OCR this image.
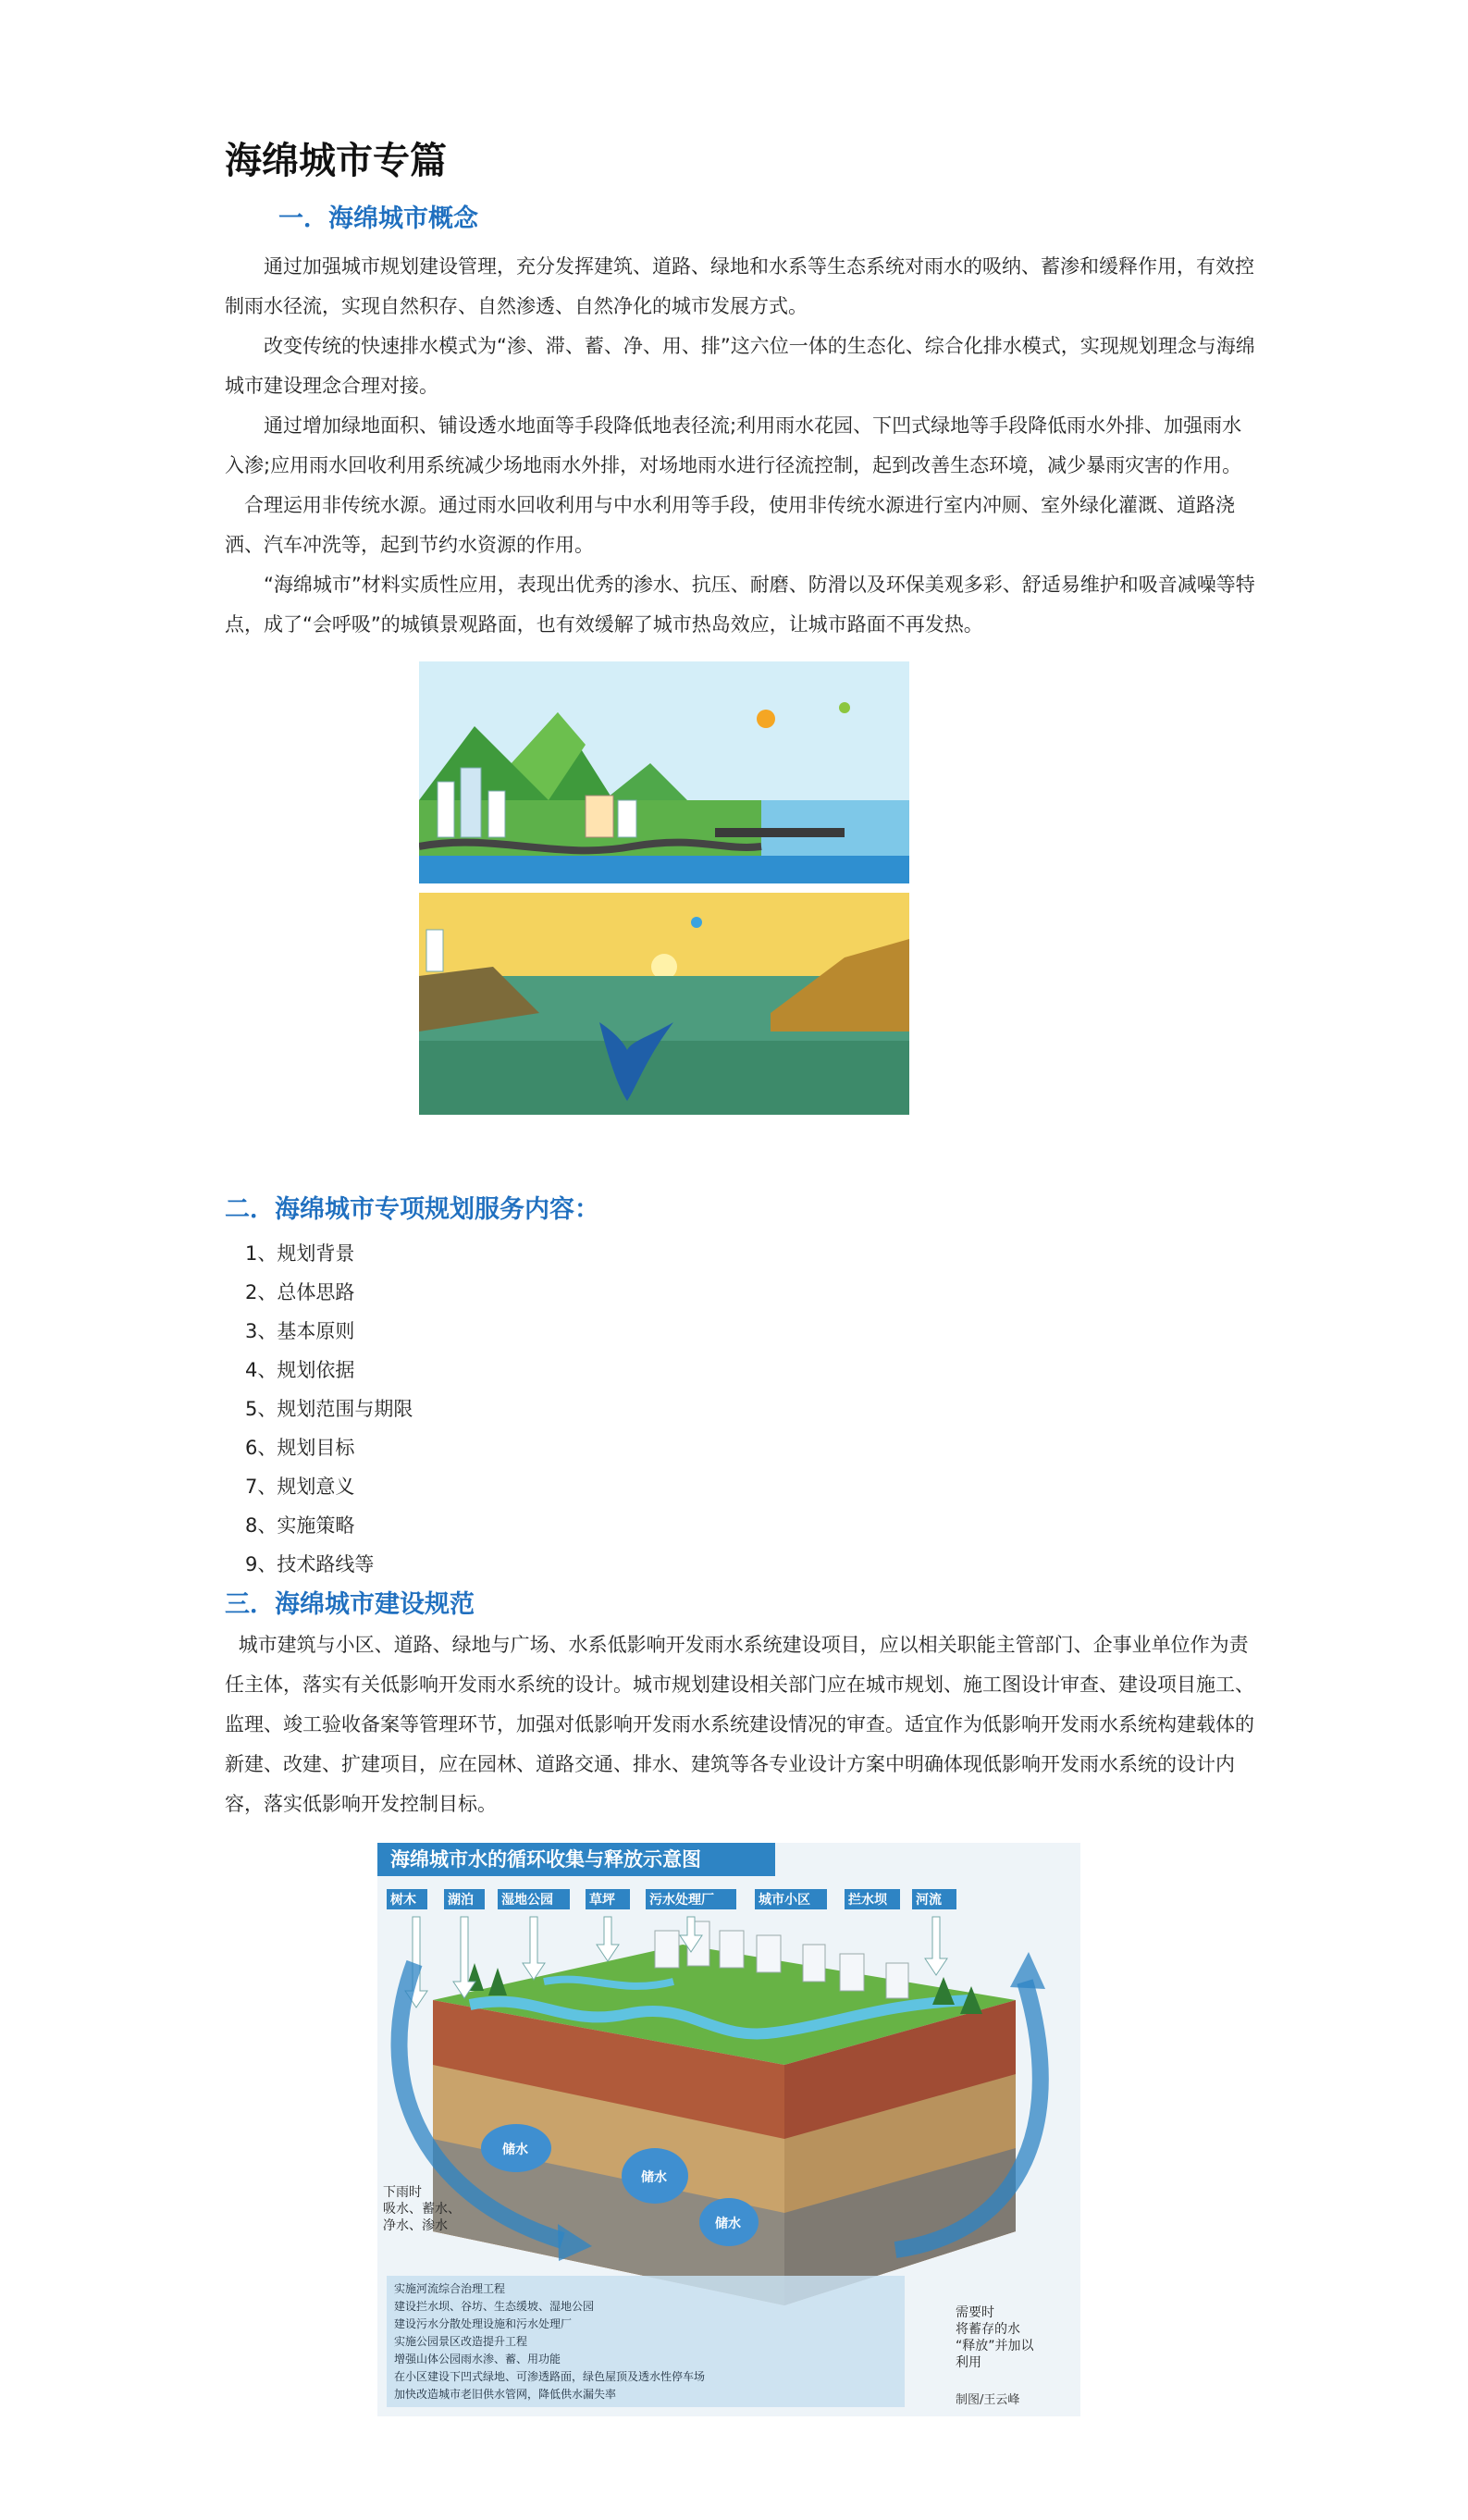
海绵城市专篇
一．海绵城市概念

通过加强城市规划建设管理，充分发挥建筑、道路、绿地和水系等生态系统对雨水的吸纳、蓄渗和缓释作用，有效控制雨水径流，实现自然积存、自然渗透、自然净化的城市发展方式。

改变传统的快速排水模式为“渗、滞、蓄、净、用、排”这六位一体的生态化、综合化排水模式，实现规划理念与海绵城市建设理念合理对接。

通过增加绿地面积、铺设透水地面等手段降低地表径流;利用雨水花园、下凹式绿地等手段降低雨水外排、加强雨水入渗;应用雨水回收利用系统减少场地雨水外排，对场地雨水进行径流控制，起到改善生态环境，减少暴雨灾害的作用。

合理运用非传统水源。通过雨水回收利用与中水利用等手段，使用非传统水源进行室内冲厕、室外绿化灌溉、道路浇洒、汽车冲洗等，起到节约水资源的作用。

“海绵城市”材料实质性应用，表现出优秀的渗水、抗压、耐磨、防滑以及环保美观多彩、舒适易维护和吸音减噪等特点，成了“会呼吸”的城镇景观路面，也有效缓解了城市热岛效应，让城市路面不再发热。

二．海绵城市专项规划服务内容：
1、规划背景
2、总体思路
3、基本原则
4、规划依据
5、规划范围与期限
6、规划目标
7、规划意义
8、实施策略
9、技术路线等
三．海绵城市建设规范

城市建筑与小区、道路、绿地与广场、水系低影响开发雨水系统建设项目，应以相关职能主管部门、企事业单位作为责任主体，落实有关低影响开发雨水系统的设计。城市规划建设相关部门应在城市规划、施工图设计审查、建设项目施工、监理、竣工验收备案等管理环节，加强对低影响开发雨水系统建设情况的审查。适宜作为低影响开发雨水系统构建载体的新建、改建、扩建项目，应在园林、道路交通、排水、建筑等各专业设计方案中明确体现低影响开发雨水系统的设计内容，落实低影响开发控制目标。

海绵城市水的循环收集与释放示意图
树木 湖泊 湿地公园	草坪	污水处理厂	城市小区	拦水坝 河流
储水
储水
储水
下雨时
吸水、蓄水、
净水、渗水
需要时
将蓄存的水
“释放”并加以
利用
实施河流综合治理工程
建设拦水坝、谷坊、生态缓坡、湿地公园
建设污水分散处理设施和污水处理厂
实施公园景区改造提升工程
增强山体公园雨水渗、蓄、用功能
在小区建设下凹式绿地、可渗透路面，绿色屋顶及透水性停车场
加快改造城市老旧供水管网，降低供水漏失率	制图/王云峰
